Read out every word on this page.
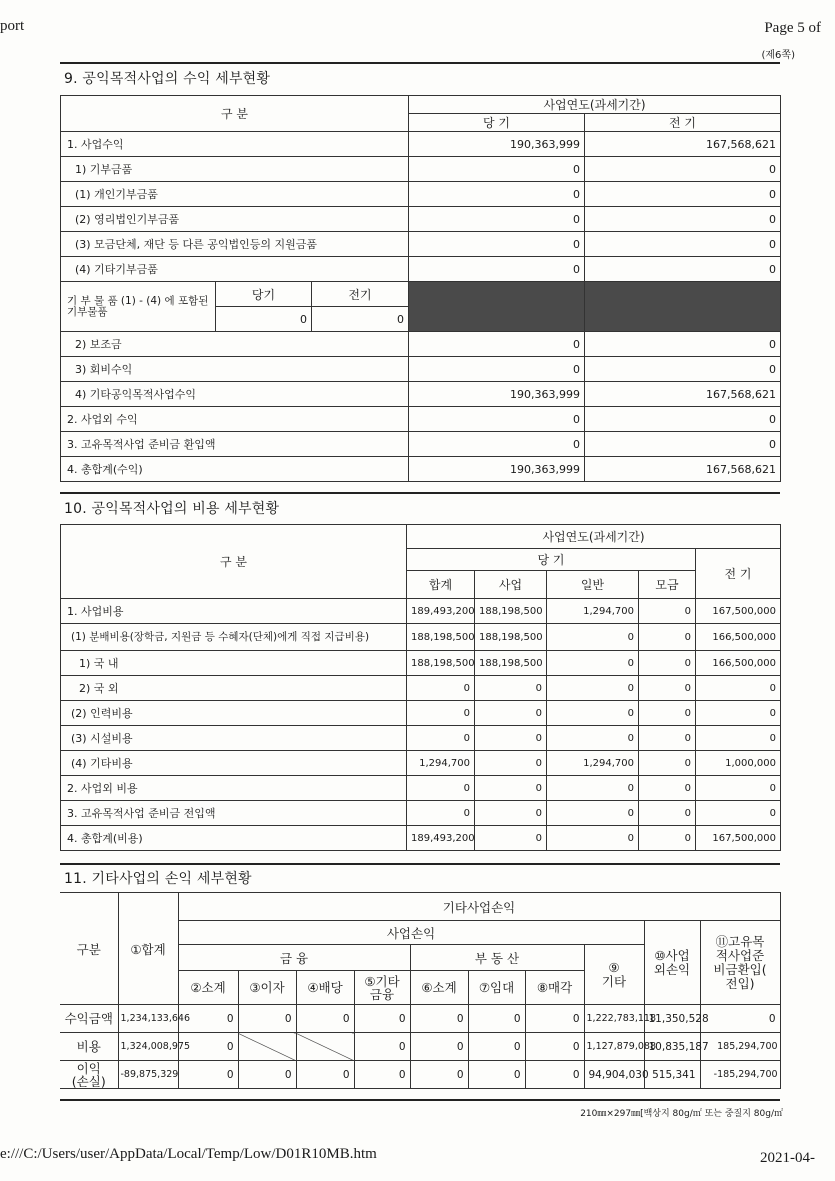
port	Page 5 of
(제6쪽)
9. 공익목적사업의 수익 세부현황
구 분			사업연도(과세기간)	
			당 기	전 기
1. 사업수익			190,363,999	167,568,621
1) 기부금품			0	0
(1) 개인기부금품			0	0
(2) 영리법인기부금품			0	0
(3) 모금단체, 재단 등 다른 공익법인등의 지원금품			0	0
(4) 기타기부금품			0	0
기 부 물 품 (1) - (4) 에 포함된 기부물품	당기	전기		
	0	0		
2) 보조금			0	0
3) 회비수익			0	0
4) 기타공익목적사업수익			190,363,999	167,568,621
2. 사업외 수익			0	0
3. 고유목적사업 준비금 환입액			0	0
4. 총합계(수익)			190,363,999	167,568,621
10. 공익목적사업의 비용 세부현황
구 분	사업연도(과세기간)				
	당 기				전 기
	합계	사업	일반	모금	
1. 사업비용	189,493,200	188,198,500	1,294,700	0	167,500,000
(1) 분배비용(장학금, 지원금 등 수혜자(단체)에게 직접 지급비용)	188,198,500	188,198,500	0	0	166,500,000
1) 국 내	188,198,500	188,198,500	0	0	166,500,000
2) 국 외	0	0	0	0	0
(2) 인력비용	0	0	0	0	0
(3) 시설비용	0	0	0	0	0
(4) 기타비용	1,294,700	0	1,294,700	0	1,000,000
2. 사업외 비용	0	0	0	0	0
3. 고유목적사업 준비금 전입액	0	0	0	0	0
4. 총합계(비용)	189,493,200	0	0	0	167,500,000
11. 기타사업의 손익 세부현황
구분	①합계	기타사업손익									
		사업손익								⑩사업
외손익	⑪고유목
적사업준
비금환입(
전입)
		금 융				부 동 산			⑨
기타		
		②소계	③이자	④배당	⑤기타
금융	⑥소계	⑦임대	⑧매각			
수익금액	1,234,133,646	0	0	0	0	0	0	0	1,222,783,118	11,350,528	0
비용	1,324,008,975	0			0	0	0	0	1,127,879,088	10,835,187	185,294,700
이익
(손실)	-89,875,329	0	0	0	0	0	0	0	94,904,030	515,341	-185,294,700
210㎜×297㎜[백상지 80g/㎡ 또는 중질지 80g/㎡
e:///C:/Users/user/AppData/Local/Temp/Low/D01R10MB.htm	2021-04-
